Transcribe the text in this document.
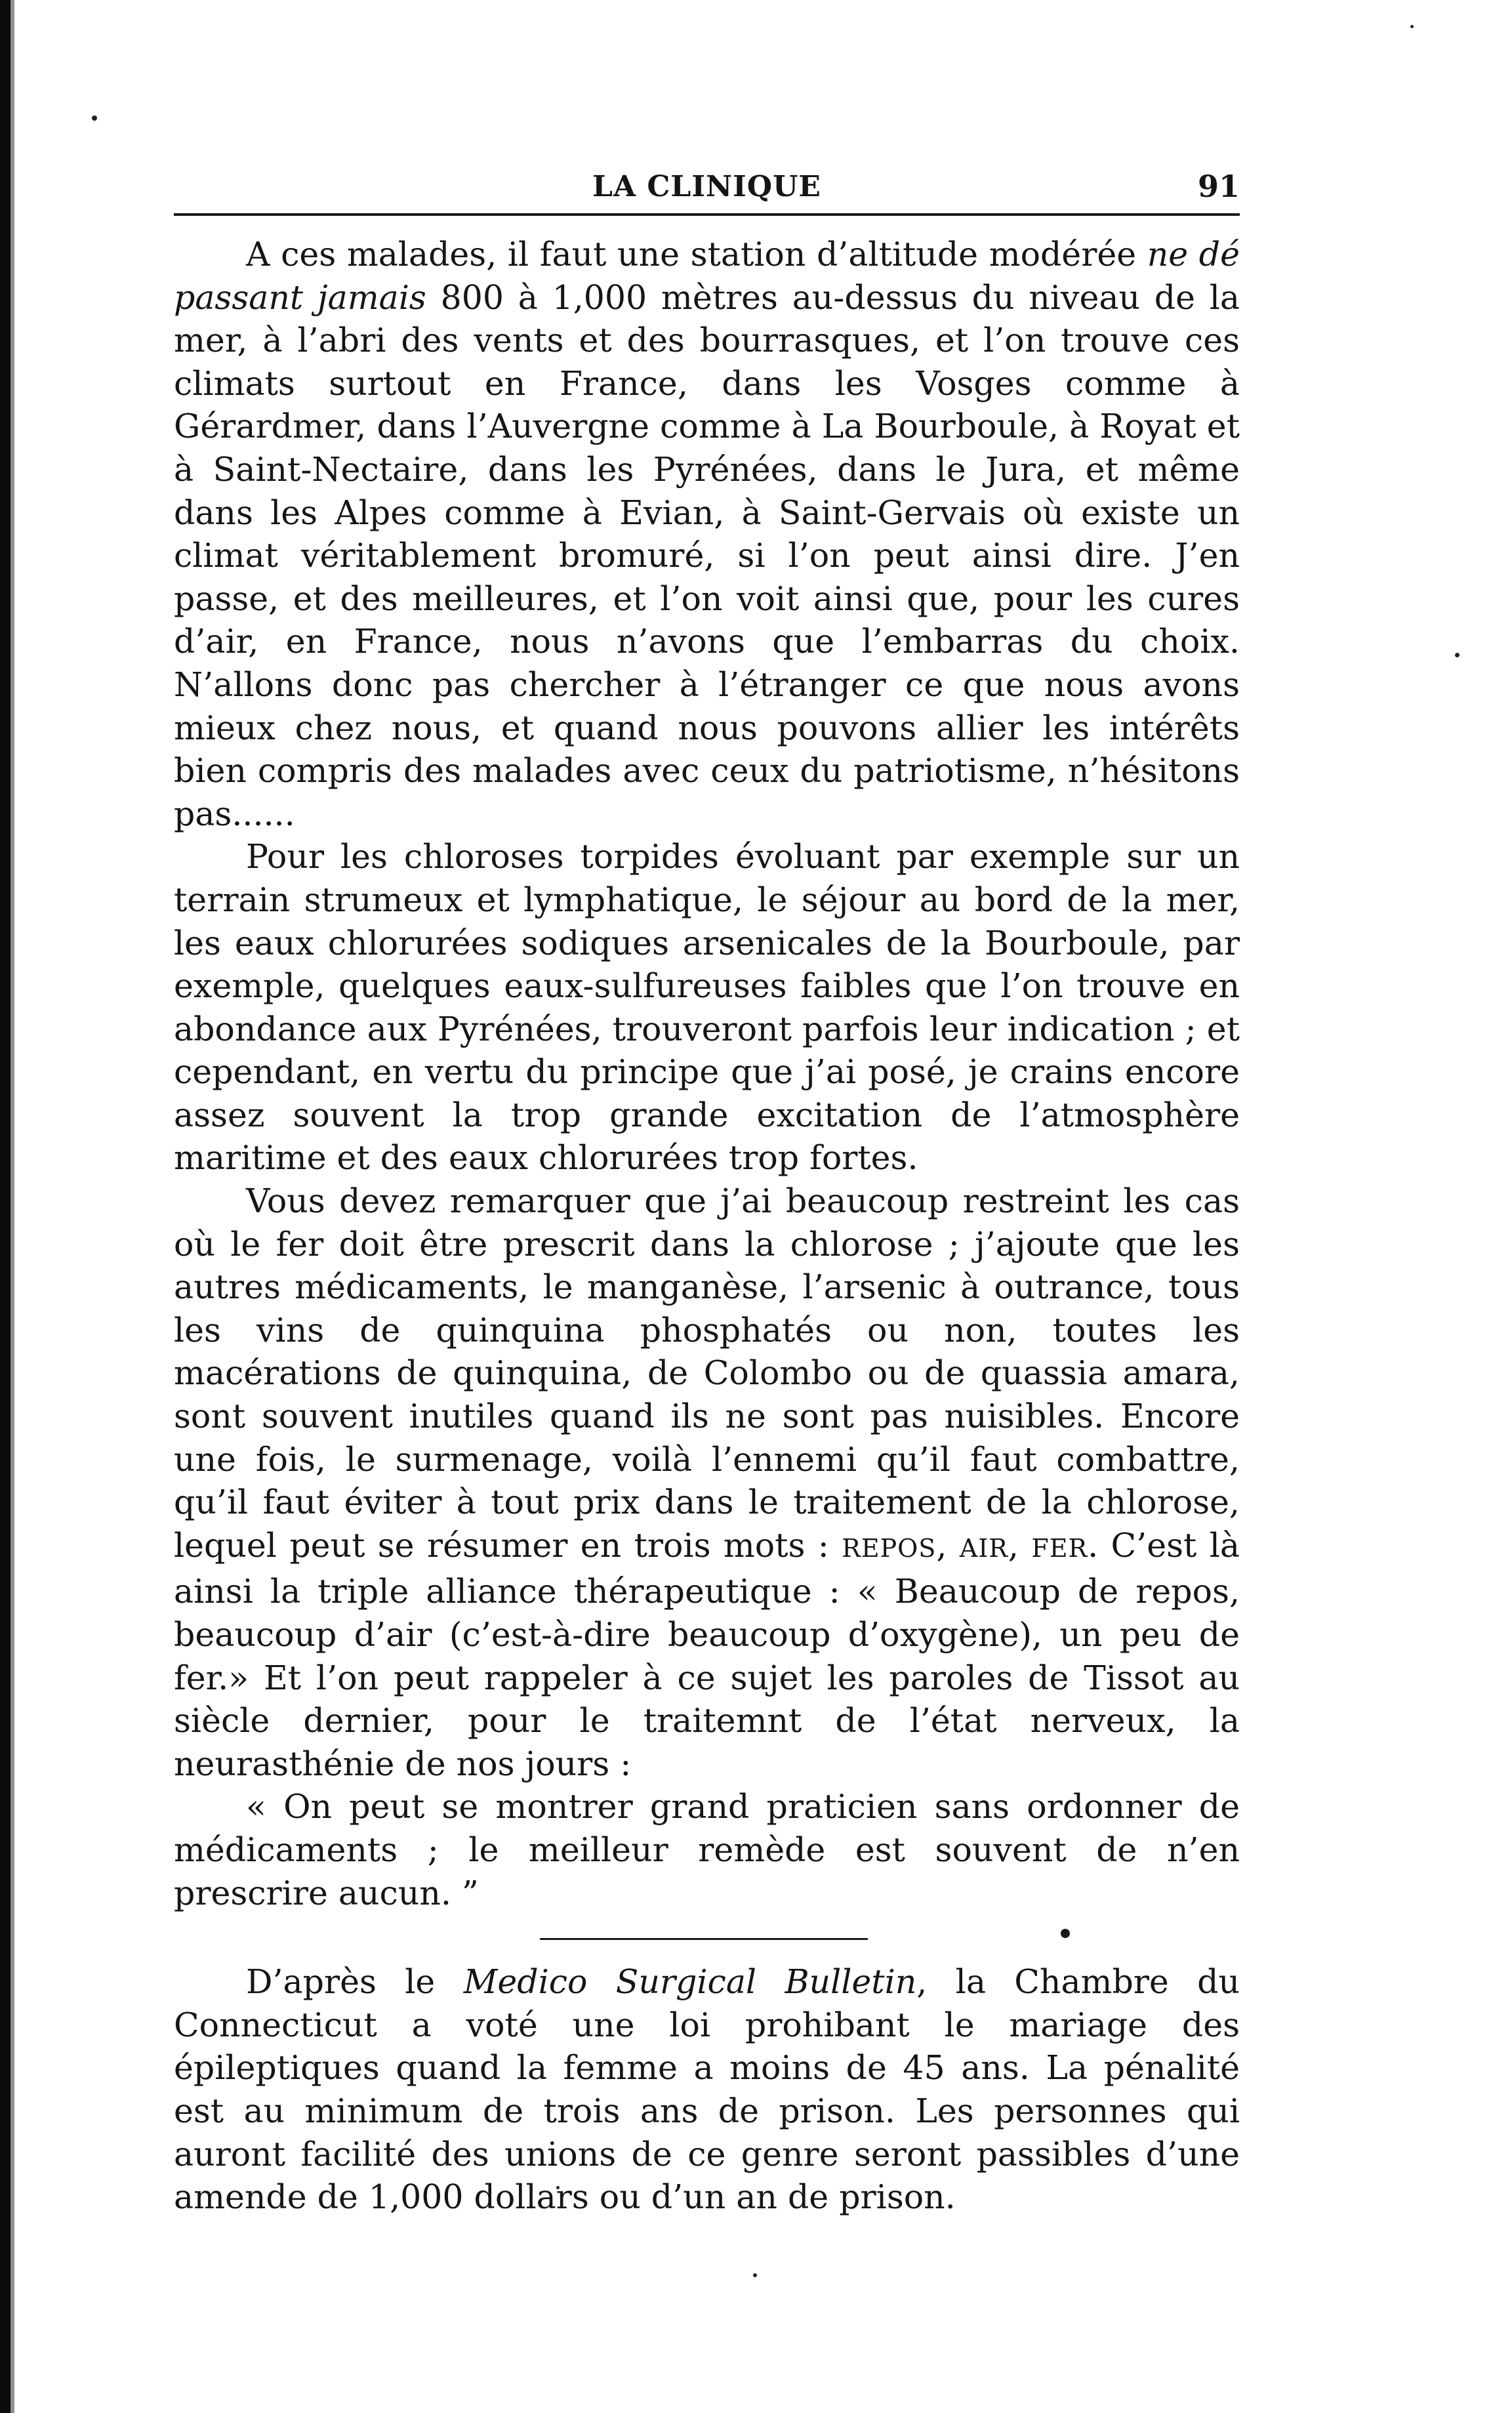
LA CLINIQUE	91

A ces malades, il faut une station d’altitude modérée ne dé passant jamais 800 à 1,000 mètres au-dessus du niveau de la mer, à l’abri des vents et des bourrasques, et l’on trouve ces climats surtout en France, dans les Vosges comme à Gérardmer, dans l’Auvergne comme à La Bourboule, à Royat et à Saint-Nectaire, dans les Pyrénées, dans le Jura, et même dans les Alpes comme à Evian, à Saint-Gervais où existe un climat véritablement bromuré, si l’on peut ainsi dire. J’en passe, et des meilleures, et l’on voit ainsi que, pour les cures d’air, en France, nous n’avons que l’embarras du choix. N’allons donc pas chercher à l’étranger ce que nous avons mieux chez nous, et quand nous pouvons allier les intérêts bien compris des malades avec ceux du patriotisme, n’hésitons pas......

Pour les chloroses torpides évoluant par exemple sur un terrain strumeux et lymphatique, le séjour au bord de la mer, les eaux chlorurées sodiques arsenicales de la Bourboule, par exemple, quelques eaux-sulfureuses faibles que l’on trouve en abondance aux Pyrénées, trouveront parfois leur indication ; et cependant, en vertu du principe que j’ai posé, je crains encore assez souvent la trop grande excitation de l’atmosphère maritime et des eaux chlorurées trop fortes.

Vous devez remarquer que j’ai beaucoup restreint les cas où le fer doit être prescrit dans la chlorose ; j’ajoute que les autres médicaments, le manganèse, l’arsenic à outrance, tous les vins de quinquina phosphatés ou non, toutes les macérations de quinquina, de Colombo ou de quassia amara, sont souvent inutiles quand ils ne sont pas nuisibles. Encore une fois, le surmenage, voilà l’ennemi qu’il faut combattre, qu’il faut éviter à tout prix dans le traitement de la chlorose, lequel peut se résumer en trois mots : REPOS, AIR, FER. C’est là ainsi la triple alliance thérapeutique : « Beaucoup de repos, beaucoup d’air (c’est-à-dire beaucoup d’oxygène), un peu de fer.» Et l’on peut rappeler à ce sujet les paroles de Tissot au siècle dernier, pour le traitemnt de l’état nerveux, la neurasthénie de nos jours :

« On peut se montrer grand praticien sans ordonner de médicaments ; le meilleur remède est souvent de n’en prescrire aucun. ”

D’après le Medico Surgical Bulletin, la Chambre du Connecticut a voté une loi prohibant le mariage des épileptiques quand la femme a moins de 45 ans. La pénalité est au minimum de trois ans de prison. Les personnes qui auront facilité des unions de ce genre seront passibles d’une amende de 1,000 dollars ou d’un an de prison.
